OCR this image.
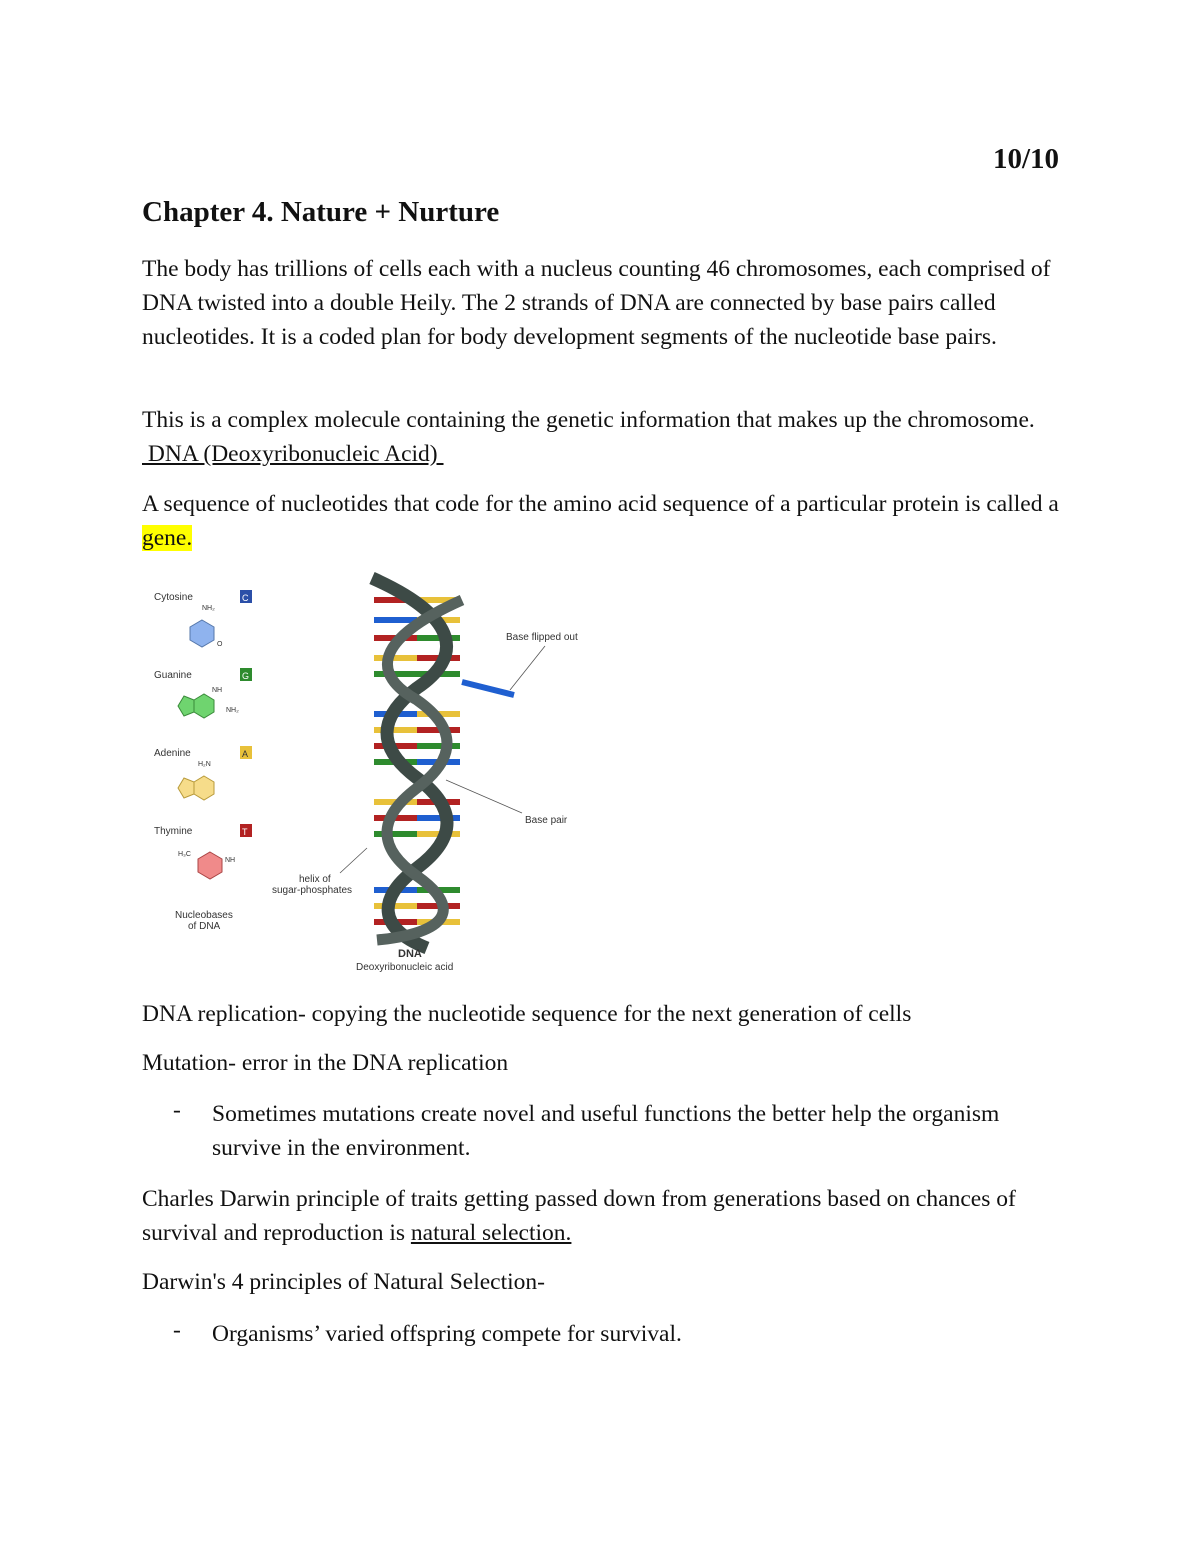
10/10
Chapter 4. Nature + Nurture

The body has trillions of cells each with a nucleus counting 46 chromosomes, each comprised of DNA twisted into a double Heily. The 2 strands of DNA are connected by base pairs called nucleotides. It is a coded plan for body development segments of the nucleotide base pairs.

This is a complex molecule containing the genetic information that makes up the chromosome. DNA (Deoxyribonucleic Acid)

A sequence of nucleotides that code for the amino acid sequence of a particular protein is called a gene.

Cytosine	C
NH₂
O
Guanine	G
NH
NH₂
Adenine	A
H₂N
Thymine	T
H₃C
NH
Nucleobases
of DNA
Base flipped out
Base pair
helix of
sugar-phosphates
DNA
Deoxyribonucleic acid

DNA replication- copying the nucleotide sequence for the next generation of cells

Mutation- error in the DNA replication

- Sometimes mutations create novel and useful functions the better help the organism survive in the environment.

Charles Darwin principle of traits getting passed down from generations based on chances of survival and reproduction is natural selection.

Darwin's 4 principles of Natural Selection-

- Organisms’ varied offspring compete for survival.
